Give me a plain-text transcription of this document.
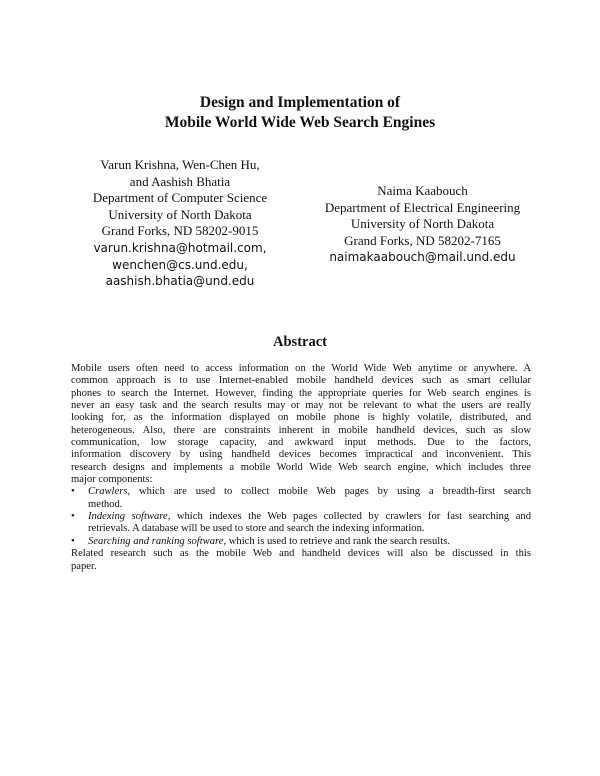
Design and Implementation of
Mobile World Wide Web Search Engines
Varun Krishna, Wen-Chen Hu,
and Aashish Bhatia
Department of Computer Science
University of North Dakota
Grand Forks, ND 58202-9015
varun.krishna@hotmail.com,
wenchen@cs.und.edu,
aashish.bhatia@und.edu
Naima Kaabouch
Department of Electrical Engineering
University of North Dakota
Grand Forks, ND 58202-7165
naimakaabouch@mail.und.edu
Abstract
Mobile users often need to access information on the World Wide Web anytime or anywhere. A
common approach is to use Internet-enabled mobile handheld devices such as smart cellular
phones to search the Internet. However, finding the appropriate queries for Web search engines is
never an easy task and the search results may or may not be relevant to what the users are really
looking for, as the information displayed on mobile phone is highly volatile, distributed, and
heterogeneous. Also, there are constraints inherent in mobile handheld devices, such as slow
communication, low storage capacity, and awkward input methods. Due to the factors,
information discovery by using handheld devices becomes impractical and inconvenient. This
research designs and implements a mobile World Wide Web search engine, which includes three
major components:
• Crawlers, which are used to collect mobile Web pages by using a breadth-first search
method.
• Indexing software, which indexes the Web pages collected by crawlers for fast searching and
retrievals. A database will be used to store and search the indexing information.
• Searching and ranking software, which is used to retrieve and rank the search results.
Related research such as the mobile Web and handheld devices will also be discussed in this
paper.
